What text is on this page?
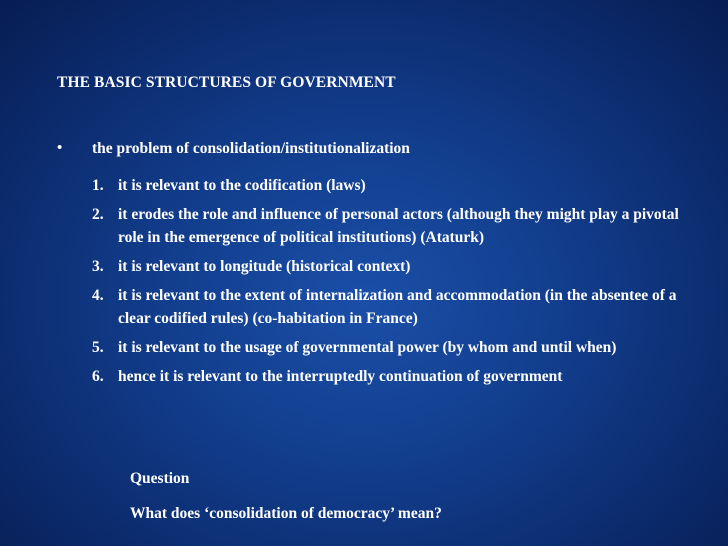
THE BASIC STRUCTURES OF GOVERNMENT
• the problem of consolidation/institutionalization
1. it is relevant to the codification (laws)
2. it erodes the role and influence of personal actors (although they might play a pivotal role in the emergence of political institutions) (Ataturk)
3. it is relevant to longitude (historical context)
4. it is relevant to the extent of internalization and accommodation (in the absentee of a clear codified rules) (co-habitation in France)
5. it is relevant to the usage of governmental power (by whom and until when)
6. hence it is relevant to the interruptedly continuation of government
Question
What does ‘consolidation of democracy’ mean?
